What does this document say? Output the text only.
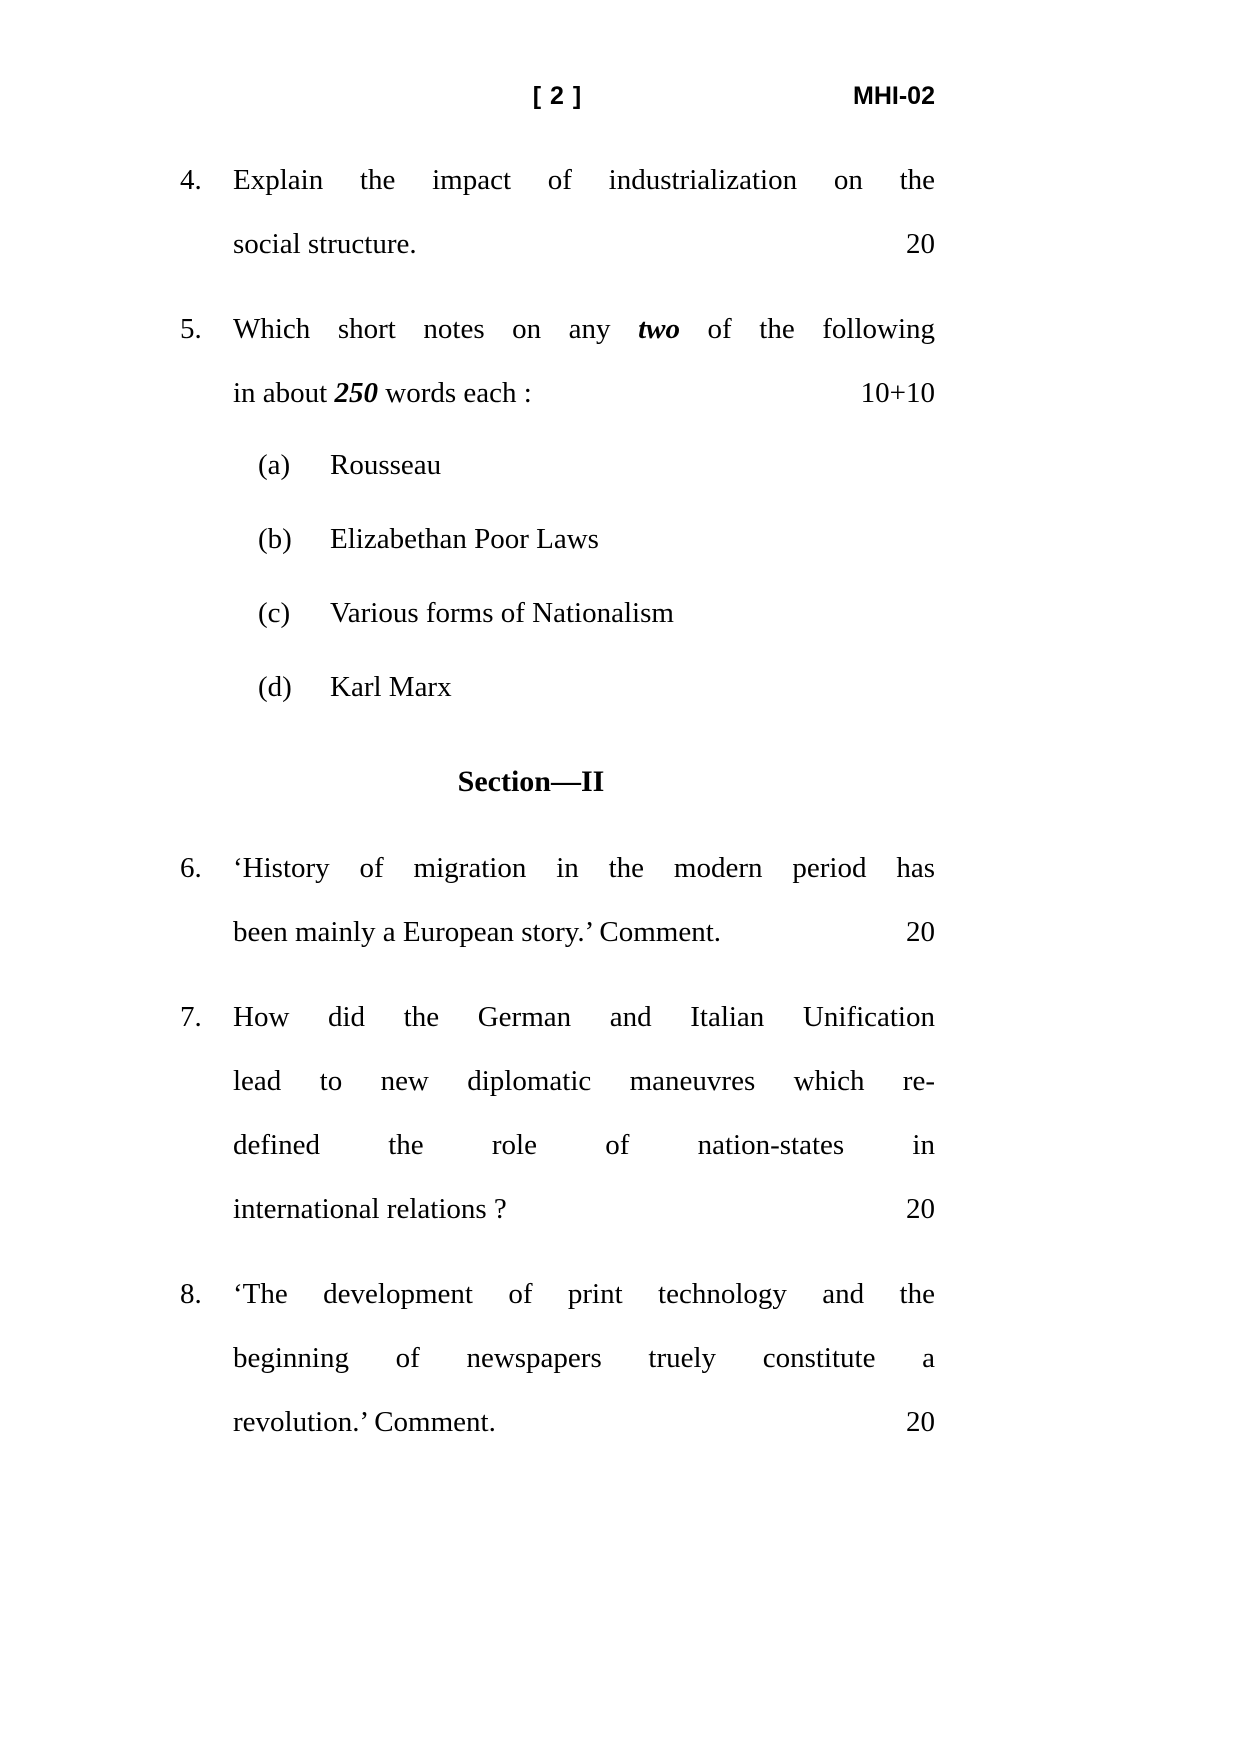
[ 2 ]	MHI-02
4.	Explain the impact of industrialization on the
social structure.	20
5.	Which short notes on any two of the following
in about 250 words each :	10+10
(a)	Rousseau
(b)	Elizabethan Poor Laws
(c)	Various forms of Nationalism
(d)	Karl Marx
Section—II
6.	‘History of migration in the modern period has
been mainly a European story.’ Comment.	20
7.	How did the German and Italian Unification
lead to new diplomatic maneuvres which re-
defined the role of nation-states in
international relations ?	20
8.	‘The development of print technology and the
beginning of newspapers truely constitute a
revolution.’ Comment.	20
